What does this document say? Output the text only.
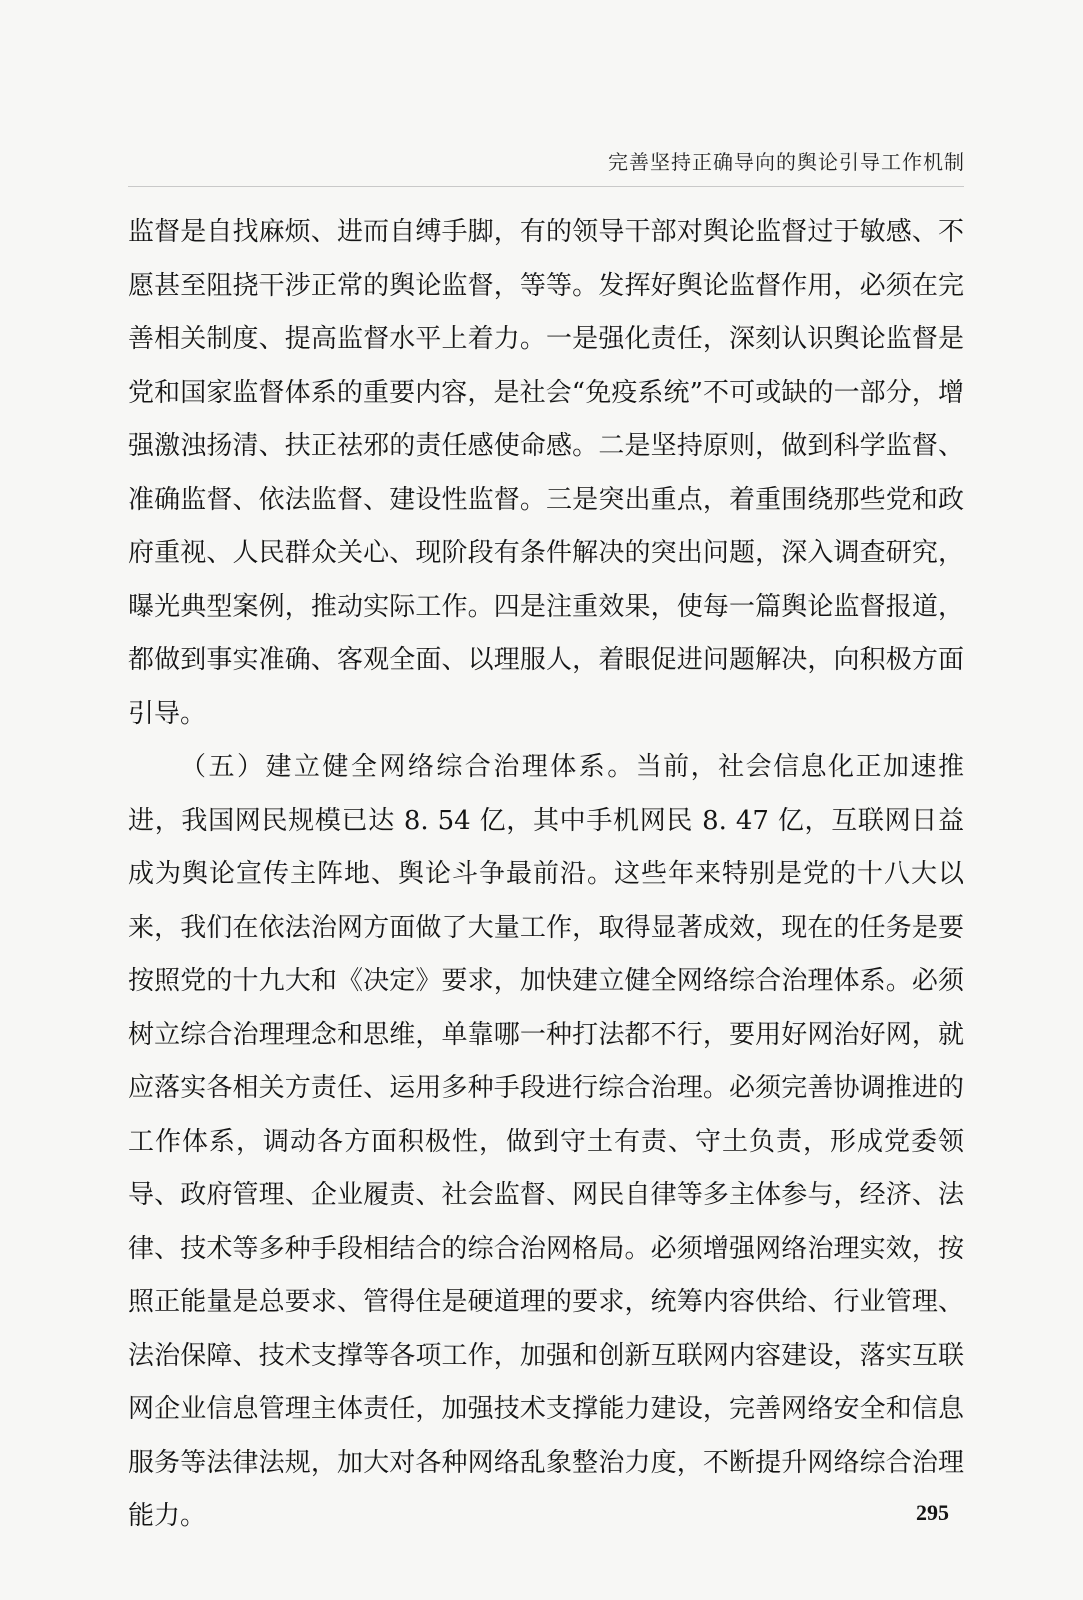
完善坚持正确导向的舆论引导工作机制

监督是自找麻烦、进而自缚手脚，有的领导干部对舆论监督过于敏感、不愿甚至阻挠干涉正常的舆论监督，等等。发挥好舆论监督作用，必须在完善相关制度、提高监督水平上着力。一是强化责任，深刻认识舆论监督是党和国家监督体系的重要内容，是社会“免疫系统”不可或缺的一部分，增强激浊扬清、扶正祛邪的责任感使命感。二是坚持原则，做到科学监督、准确监督、依法监督、建设性监督。三是突出重点，着重围绕那些党和政府重视、人民群众关心、现阶段有条件解决的突出问题，深入调查研究，曝光典型案例，推动实际工作。四是注重效果，使每一篇舆论监督报道，都做到事实准确、客观全面、以理服人，着眼促进问题解决，向积极方面引导。

（五）建立健全网络综合治理体系。当前，社会信息化正加速推进，我国网民规模已达 8. 54 亿，其中手机网民 8. 47 亿，互联网日益成为舆论宣传主阵地、舆论斗争最前沿。这些年来特别是党的十八大以来，我们在依法治网方面做了大量工作，取得显著成效，现在的任务是要按照党的十九大和《决定》要求，加快建立健全网络综合治理体系。必须树立综合治理理念和思维，单靠哪一种打法都不行，要用好网治好网，就应落实各相关方责任、运用多种手段进行综合治理。必须完善协调推进的工作体系，调动各方面积极性，做到守土有责、守土负责，形成党委领导、政府管理、企业履责、社会监督、网民自律等多主体参与，经济、法律、技术等多种手段相结合的综合治网格局。必须增强网络治理实效，按照正能量是总要求、管得住是硬道理的要求，统筹内容供给、行业管理、法治保障、技术支撑等各项工作，加强和创新互联网内容建设，落实互联网企业信息管理主体责任，加强技术支撑能力建设，完善网络安全和信息服务等法律法规，加大对各种网络乱象整治力度，不断提升网络综合治理能力。	295
